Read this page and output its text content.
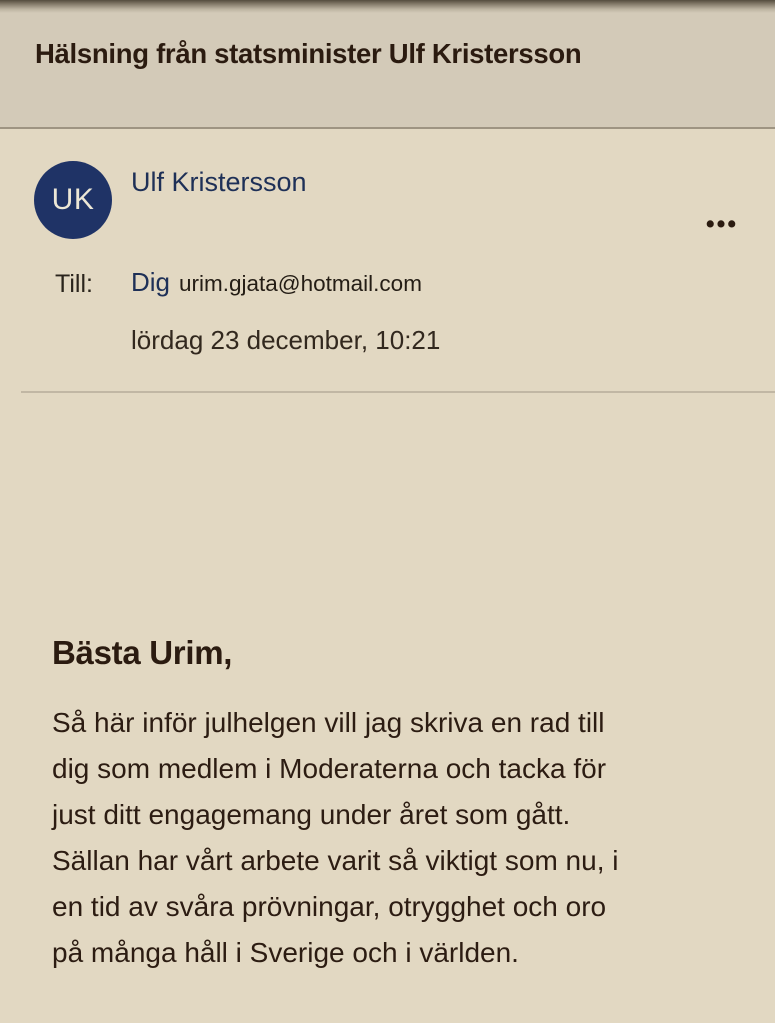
Hälsning från statsminister Ulf Kristersson
UK
Ulf Kristersson
•••
Till: Dig urim.gjata@hotmail.com
lördag 23 december, 10:21
Bästa Urim,
Så här inför julhelgen vill jag skriva en rad till
dig som medlem i Moderaterna och tacka för
just ditt engagemang under året som gått.
Sällan har vårt arbete varit så viktigt som nu, i
en tid av svåra prövningar, otrygghet och oro
på många håll i Sverige och i världen.
